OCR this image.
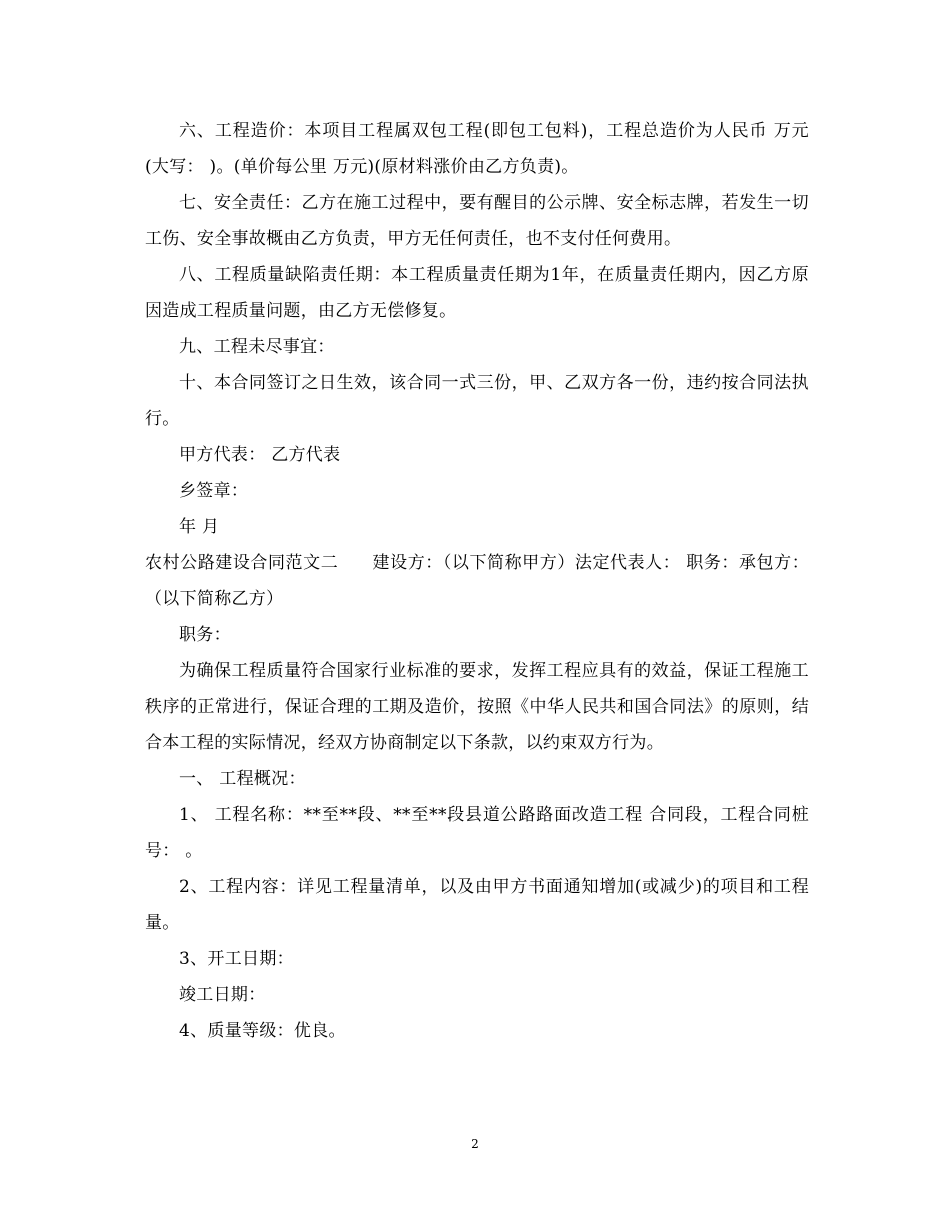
六、工程造价：本项目工程属双包工程(即包工包料)，工程总造价为人民币 万元(大写： )。(单价每公里 万元)(原材料涨价由乙方负责)。

七、安全责任：乙方在施工过程中，要有醒目的公示牌、安全标志牌，若发生一切工伤、安全事故概由乙方负责，甲方无任何责任，也不支付任何费用。

八、工程质量缺陷责任期：本工程质量责任期为1年，在质量责任期内，因乙方原因造成工程质量问题，由乙方无偿修复。

九、工程未尽事宜：

十、本合同签订之日生效，该合同一式三份，甲、乙双方各一份，违约按合同法执行。

甲方代表： 乙方代表

乡签章：

年 月

农村公路建设合同范文二 建设方：（以下简称甲方）法定代表人： 职务：承包方：（以下简称乙方）

职务：

为确保工程质量符合国家行业标准的要求，发挥工程应具有的效益，保证工程施工秩序的正常进行，保证合理的工期及造价，按照《中华人民共和国合同法》的原则，结合本工程的实际情况，经双方协商制定以下条款，以约束双方行为。

一、 工程概况：

1、 工程名称：**至**段、**至**段县道公路路面改造工程 合同段，工程合同桩号： 。

2、工程内容：详见工程量清单，以及由甲方书面通知增加(或减少)的项目和工程量。

3、开工日期：

竣工日期：

4、质量等级：优良。

2
